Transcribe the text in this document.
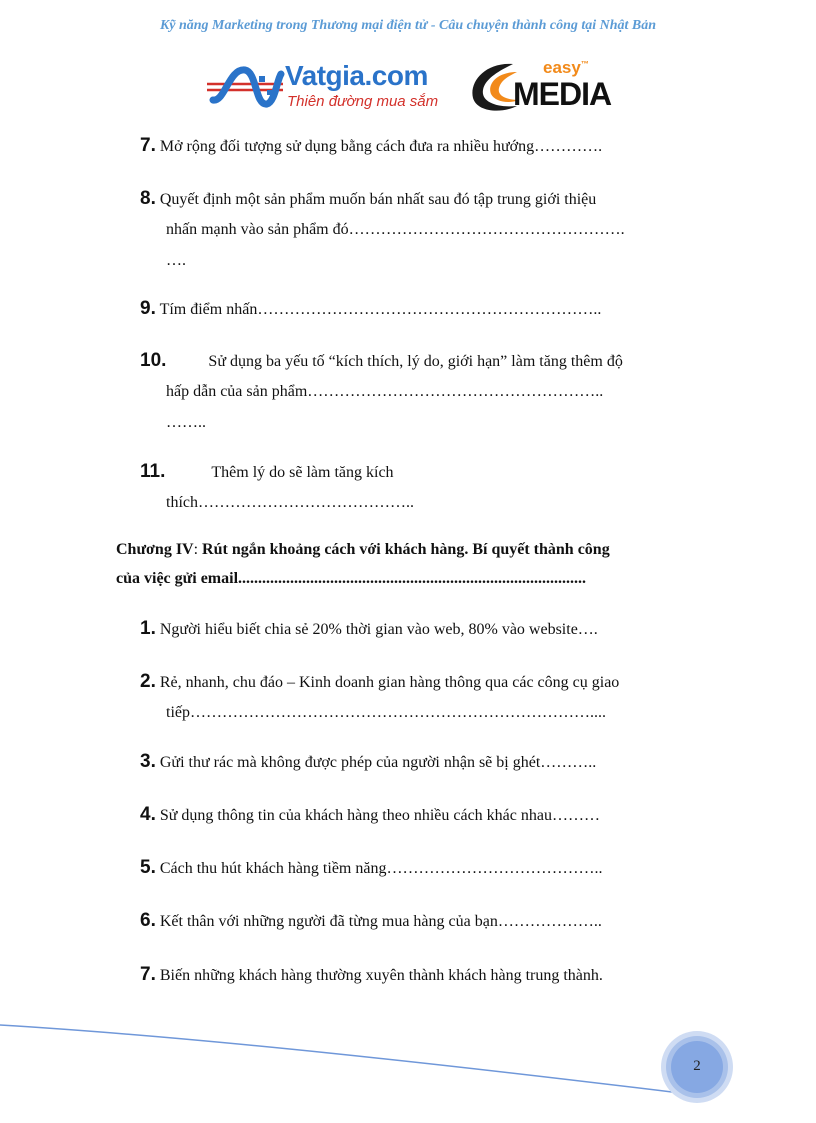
Kỹ năng Marketing trong Thương mại điện tử - Câu chuyện thành công tại Nhật Bản
Vatgia.com
Thiên đường mua sắm
easy™
MEDIA
7. Mở rộng đối tượng sử dụng bằng cách đưa ra nhiều hướng………….
8. Quyết định một sản phẩm muốn bán nhất sau đó tập trung giới thiệu
nhấn mạnh vào sản phẩm đó…………………………………………….
….
9. Tím điểm nhấn………………………………………………………..
10.	Sử dụng ba yếu tố “kích thích, lý do, giới hạn” làm tăng thêm độ
hấp dẫn của sản phẩm………………………………………………..
……..
11.	Thêm lý do sẽ làm tăng kích
thích…………………………………..
Chương IV: Rút ngắn khoảng cách với khách hàng. Bí quyết thành công
của việc gửi email.......................................................................................
1. Người hiểu biết chia sẻ 20% thời gian vào web, 80% vào website….
2. Rẻ, nhanh, chu đáo – Kinh doanh gian hàng thông qua các công cụ giao
tiếp…………………………………………………………………....
3. Gửi thư rác mà không được phép của người nhận sẽ bị ghét………..
4. Sử dụng thông tin của khách hàng theo nhiều cách khác nhau………
5. Cách thu hút khách hàng tiềm năng…………………………………..
6. Kết thân với những người đã từng mua hàng của bạn………………..
7. Biến những khách hàng thường xuyên thành khách hàng trung thành.
2
